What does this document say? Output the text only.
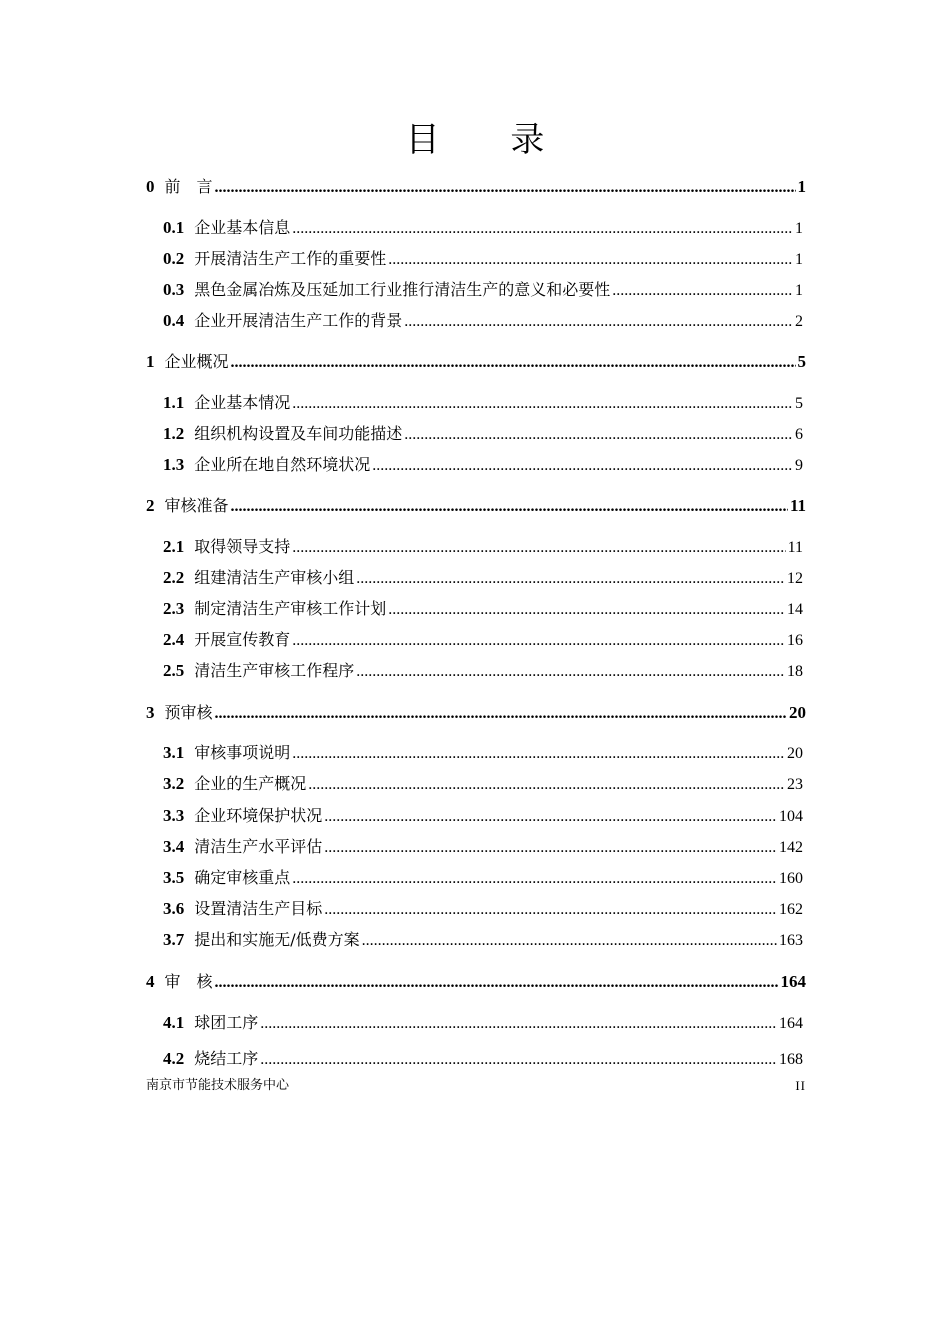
目 录
0 前　言 .....	1
0.1 企业基本信息 .....	1
0.2 开展清洁生产工作的重要性 .....	1
0.3 黑色金属冶炼及压延加工行业推行清洁生产的意义和必要性 .....	1
0.4 企业开展清洁生产工作的背景 .....	2
1 企业概况 .....	5
1.1 企业基本情况 .....	5
1.2 组织机构设置及车间功能描述 .....	6
1.3 企业所在地自然环境状况 .....	9
2 审核准备 .....	11
2.1 取得领导支持 .....	11
2.2 组建清洁生产审核小组 .....	12
2.3 制定清洁生产审核工作计划 .....	14
2.4 开展宣传教育 .....	16
2.5 清洁生产审核工作程序 .....	18
3 预审核 .....	20
3.1 审核事项说明 .....	20
3.2 企业的生产概况 .....	23
3.3 企业环境保护状况 .....	104
3.4 清洁生产水平评估 .....	142
3.5 确定审核重点 .....	160
3.6 设置清洁生产目标 .....	162
3.7 提出和实施无/低费方案 .....	163
4 审　核 .....	164
4.1 球团工序 .....	164
4.2 烧结工序 .....	168
南京市节能技术服务中心	II
